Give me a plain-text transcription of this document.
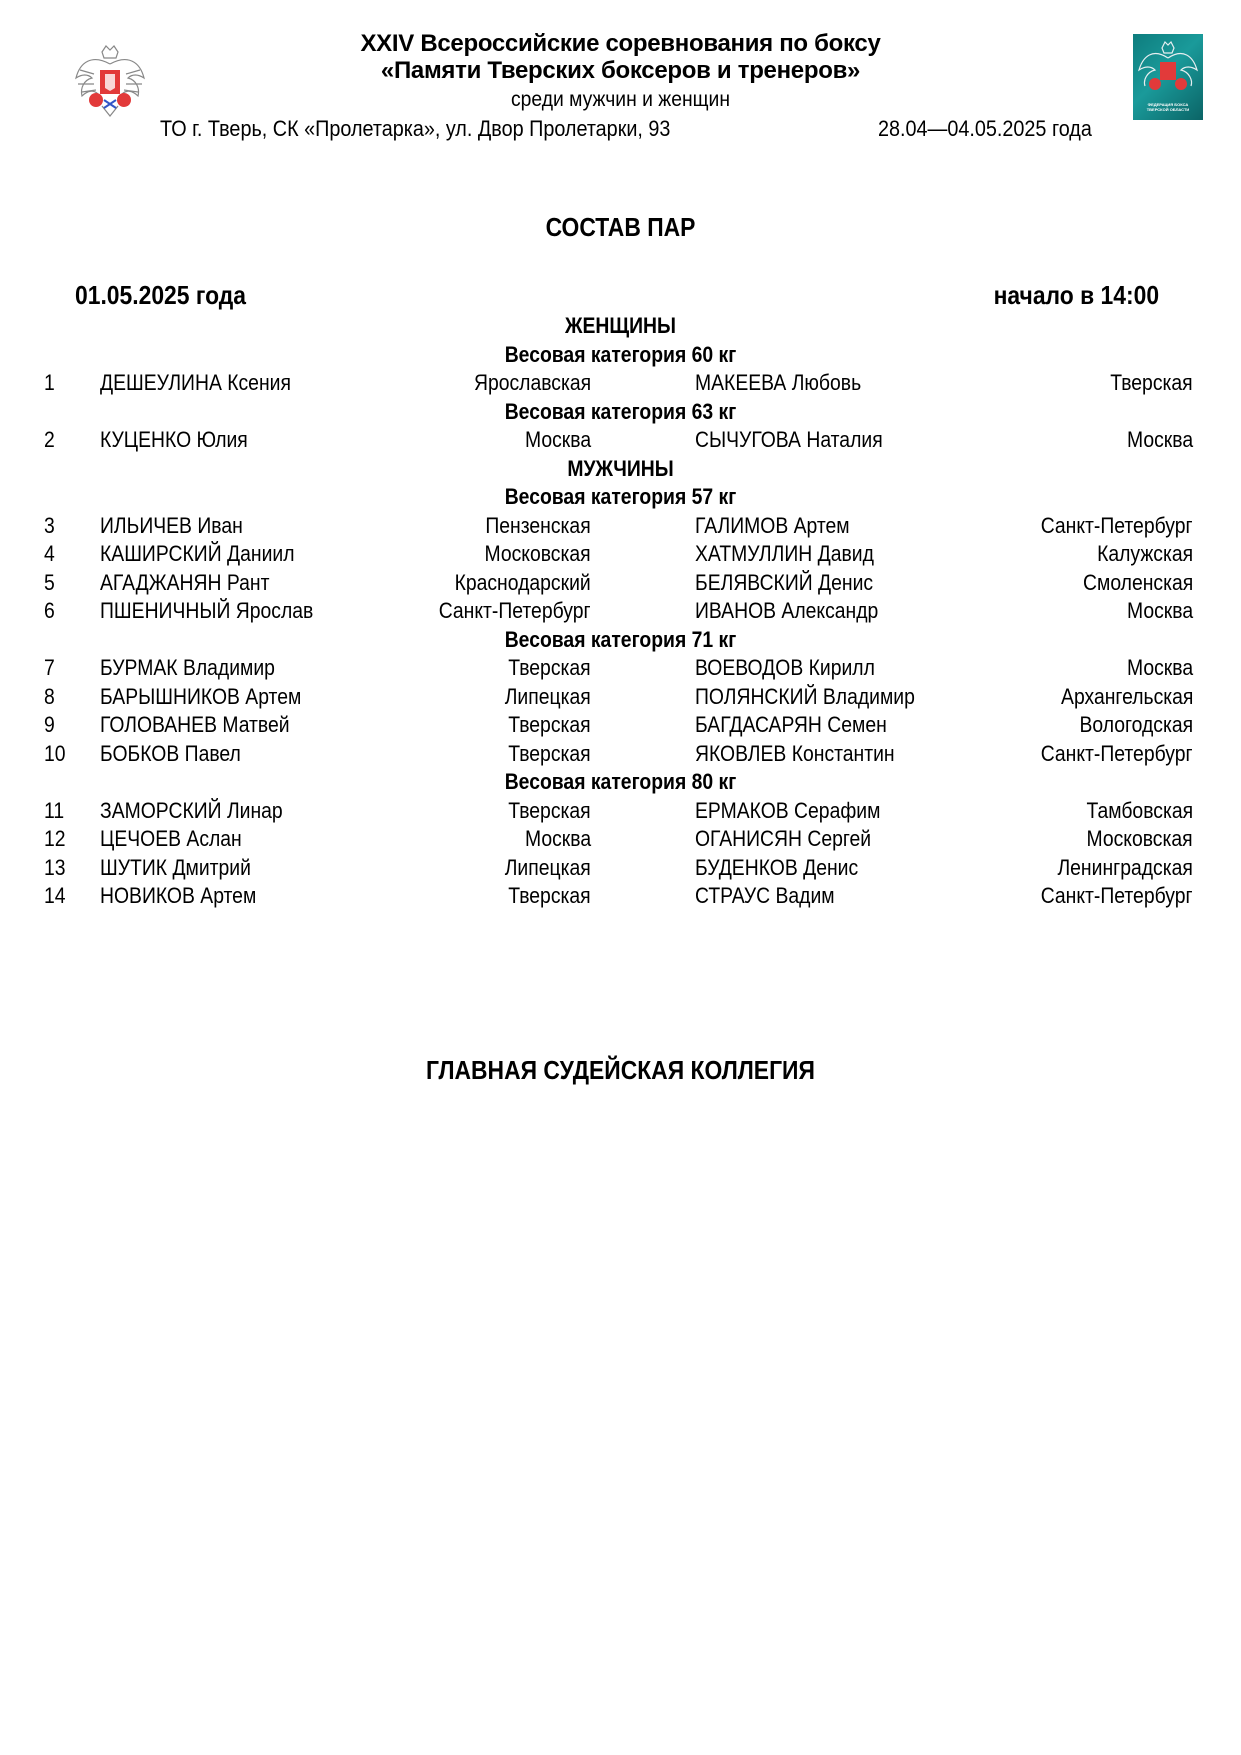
ФЕДЕРАЦИЯ БОКСА
ТВЕРСКОЙ ОБЛАСТИ
XXIV Всероссийские соревнования по боксу
«Памяти Тверских боксеров и тренеров»
среди мужчин и женщин
ТО г. Тверь, СК «Пролетарка», ул. Двор Пролетарки, 93	28.04—04.05.2025 года
СОСТАВ ПАР
01.05.2025 года	начало в 14:00
ЖЕНЩИНЫ
Весовая категория 60 кг
1 ДЕШЕУЛИНА Ксения	Ярославская	МАКЕЕВА Любовь	Тверская
Весовая категория 63 кг
2 КУЦЕНКО Юлия	Москва	СЫЧУГОВА Наталия	Москва
МУЖЧИНЫ
Весовая категория 57 кг
3 ИЛЬИЧЕВ Иван	Пензенская	ГАЛИМОВ Артем	Санкт-Петербург
4 КАШИРСКИЙ Даниил	Московская	ХАТМУЛЛИН Давид	Калужская
5 АГАДЖАНЯН Рант	Краснодарский	БЕЛЯВСКИЙ Денис	Смоленская
6 ПШЕНИЧНЫЙ Ярослав	Санкт-Петербург	ИВАНОВ Александр	Москва
Весовая категория 71 кг
7 БУРМАК Владимир	Тверская	ВОЕВОДОВ Кирилл	Москва
8 БАРЫШНИКОВ Артем	Липецкая	ПОЛЯНСКИЙ Владимир	Архангельская
9 ГОЛОВАНЕВ Матвей	Тверская	БАГДАСАРЯН Семен	Вологодская
10 БОБКОВ Павел	Тверская	ЯКОВЛЕВ Константин	Санкт-Петербург
Весовая категория 80 кг
11 ЗАМОРСКИЙ Линар	Тверская	ЕРМАКОВ Серафим	Тамбовская
12 ЦЕЧОЕВ Аслан	Москва	ОГАНИСЯН Сергей	Московская
13 ШУТИК Дмитрий	Липецкая	БУДЕНКОВ Денис	Ленинградская
14 НОВИКОВ Артем	Тверская	СТРАУС Вадим	Санкт-Петербург
ГЛАВНАЯ СУДЕЙСКАЯ КОЛЛЕГИЯ
